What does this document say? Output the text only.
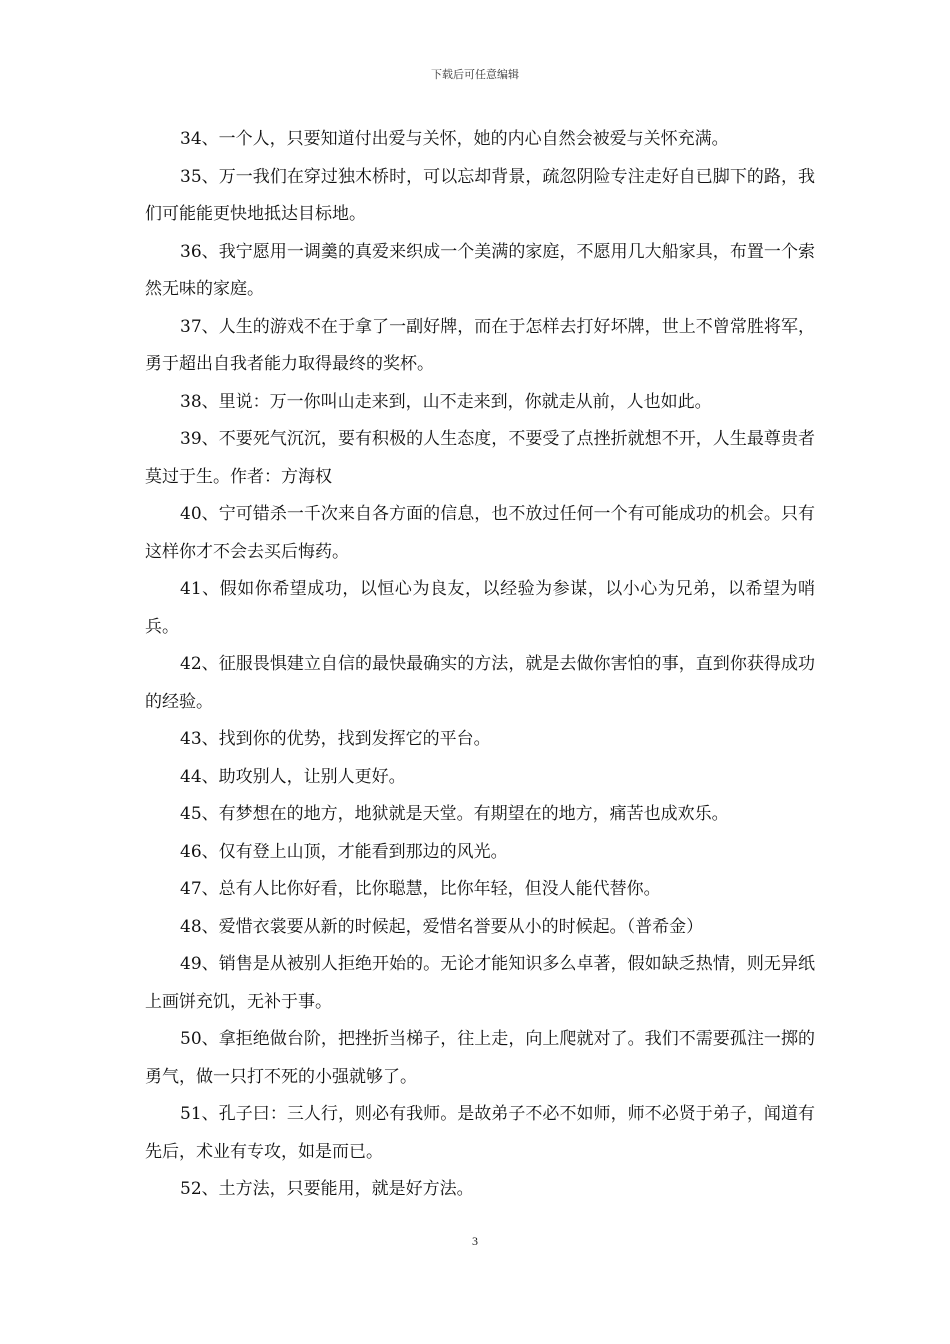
下载后可任意编辑

34、一个人，只要知道付出爱与关怀，她的内心自然会被爱与关怀充满。

35、万一我们在穿过独木桥时，可以忘却背景，疏忽阴险专注走好自已脚下的路，我们可能能更快地抵达目标地。

36、我宁愿用一调羹的真爱来织成一个美满的家庭，不愿用几大船家具，布置一个索然无味的家庭。

37、人生的游戏不在于拿了一副好牌，而在于怎样去打好坏牌，世上不曾常胜将军，勇于超出自我者能力取得最终的奖杯。

38、里说：万一你叫山走来到，山不走来到，你就走从前，人也如此。

39、不要死气沉沉，要有积极的人生态度，不要受了点挫折就想不开，人生最尊贵者莫过于生。作者：方海权

40、宁可错杀一千次来自各方面的信息，也不放过任何一个有可能成功的机会。只有这样你才不会去买后悔药。

41、假如你希望成功，以恒心为良友，以经验为参谋，以小心为兄弟，以希望为哨兵。

42、征服畏惧建立自信的最快最确实的方法，就是去做你害怕的事，直到你获得成功的经验。

43、找到你的优势，找到发挥它的平台。

44、助攻别人，让别人更好。

45、有梦想在的地方，地狱就是天堂。有期望在的地方，痛苦也成欢乐。

46、仅有登上山顶，才能看到那边的风光。

47、总有人比你好看，比你聪慧，比你年轻，但没人能代替你。

48、爱惜衣裳要从新的时候起，爱惜名誉要从小的时候起。（普希金）

49、销售是从被别人拒绝开始的。无论才能知识多么卓著，假如缺乏热情，则无异纸上画饼充饥，无补于事。

50、拿拒绝做台阶，把挫折当梯子，往上走，向上爬就对了。我们不需要孤注一掷的勇气，做一只打不死的小强就够了。

51、孔子曰：三人行，则必有我师。是故弟子不必不如师，师不必贤于弟子，闻道有先后，术业有专攻，如是而已。

52、土方法，只要能用，就是好方法。

3
